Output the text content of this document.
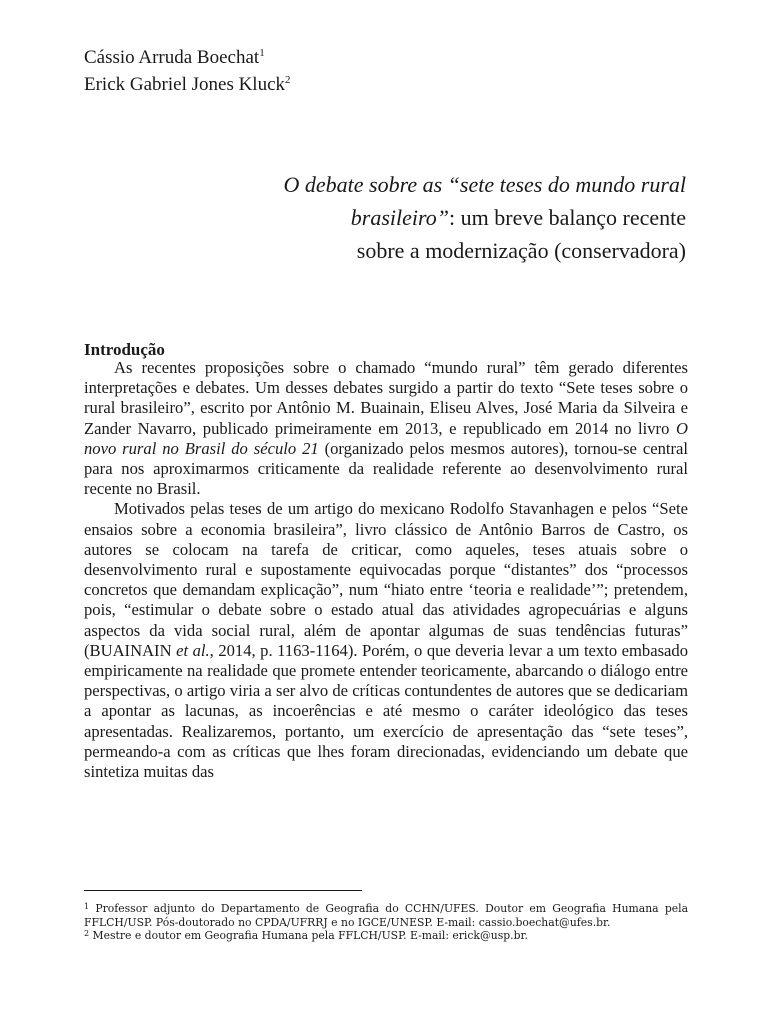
Cássio Arruda Boechat$^1$
Erick Gabriel Jones Kluck$^2$
O debate sobre as “sete teses do mundo rural
brasileiro”: um breve balanço recente
sobre a modernização (conservadora)
Introdução

As recentes proposições sobre o chamado “mundo rural” têm gerado diferentes interpretações e debates. Um desses debates surgido a partir do texto “Sete teses sobre o rural brasileiro”, escrito por Antônio M. Buainain, Eliseu Alves, José Maria da Silveira e Zander Navarro, publicado primeiramente em 2013, e republicado em 2014 no livro O novo rural no Brasil do século 21 (organizado pelos mesmos autores), tornou-se central para nos aproximarmos criticamente da realidade referente ao desenvolvimento rural recente no Brasil.

Motivados pelas teses de um artigo do mexicano Rodolfo Stavanhagen e pelos “Sete ensaios sobre a economia brasileira”, livro clássico de Antônio Barros de Castro, os autores se colocam na tarefa de criticar, como aqueles, teses atuais sobre o desenvolvimento rural e supostamente equivocadas porque “distantes” dos “processos concretos que demandam explicação”, num “hiato entre ‘teoria e realidade’”; pretendem, pois, “estimular o debate sobre o estado atual das atividades agropecuárias e alguns aspectos da vida social rural, além de apontar algumas de suas tendências futuras” (BUAINAIN et al., 2014, p. 1163-1164). Porém, o que deveria levar a um texto embasado empiricamente na realidade que promete entender teoricamente, abarcando o diálogo entre perspectivas, o artigo viria a ser alvo de críticas contundentes de autores que se dedicariam a apontar as lacunas, as incoerências e até mesmo o caráter ideológico das teses apresentadas. Realizaremos, portanto, um exercício de apresentação das “sete teses”, permeando-a com as críticas que lhes foram direcionadas, evidenciando um debate que sintetiza muitas das

$^1$ Professor adjunto do Departamento de Geografia do CCHN/UFES. Doutor em Geografia Humana pela FFLCH/USP. Pós-doutorado no CPDA/UFRRJ e no IGCE/UNESP. E-mail: cassio.boechat@ufes.br.

$^2$ Mestre e doutor em Geografia Humana pela FFLCH/USP. E-mail: erick@usp.br.
